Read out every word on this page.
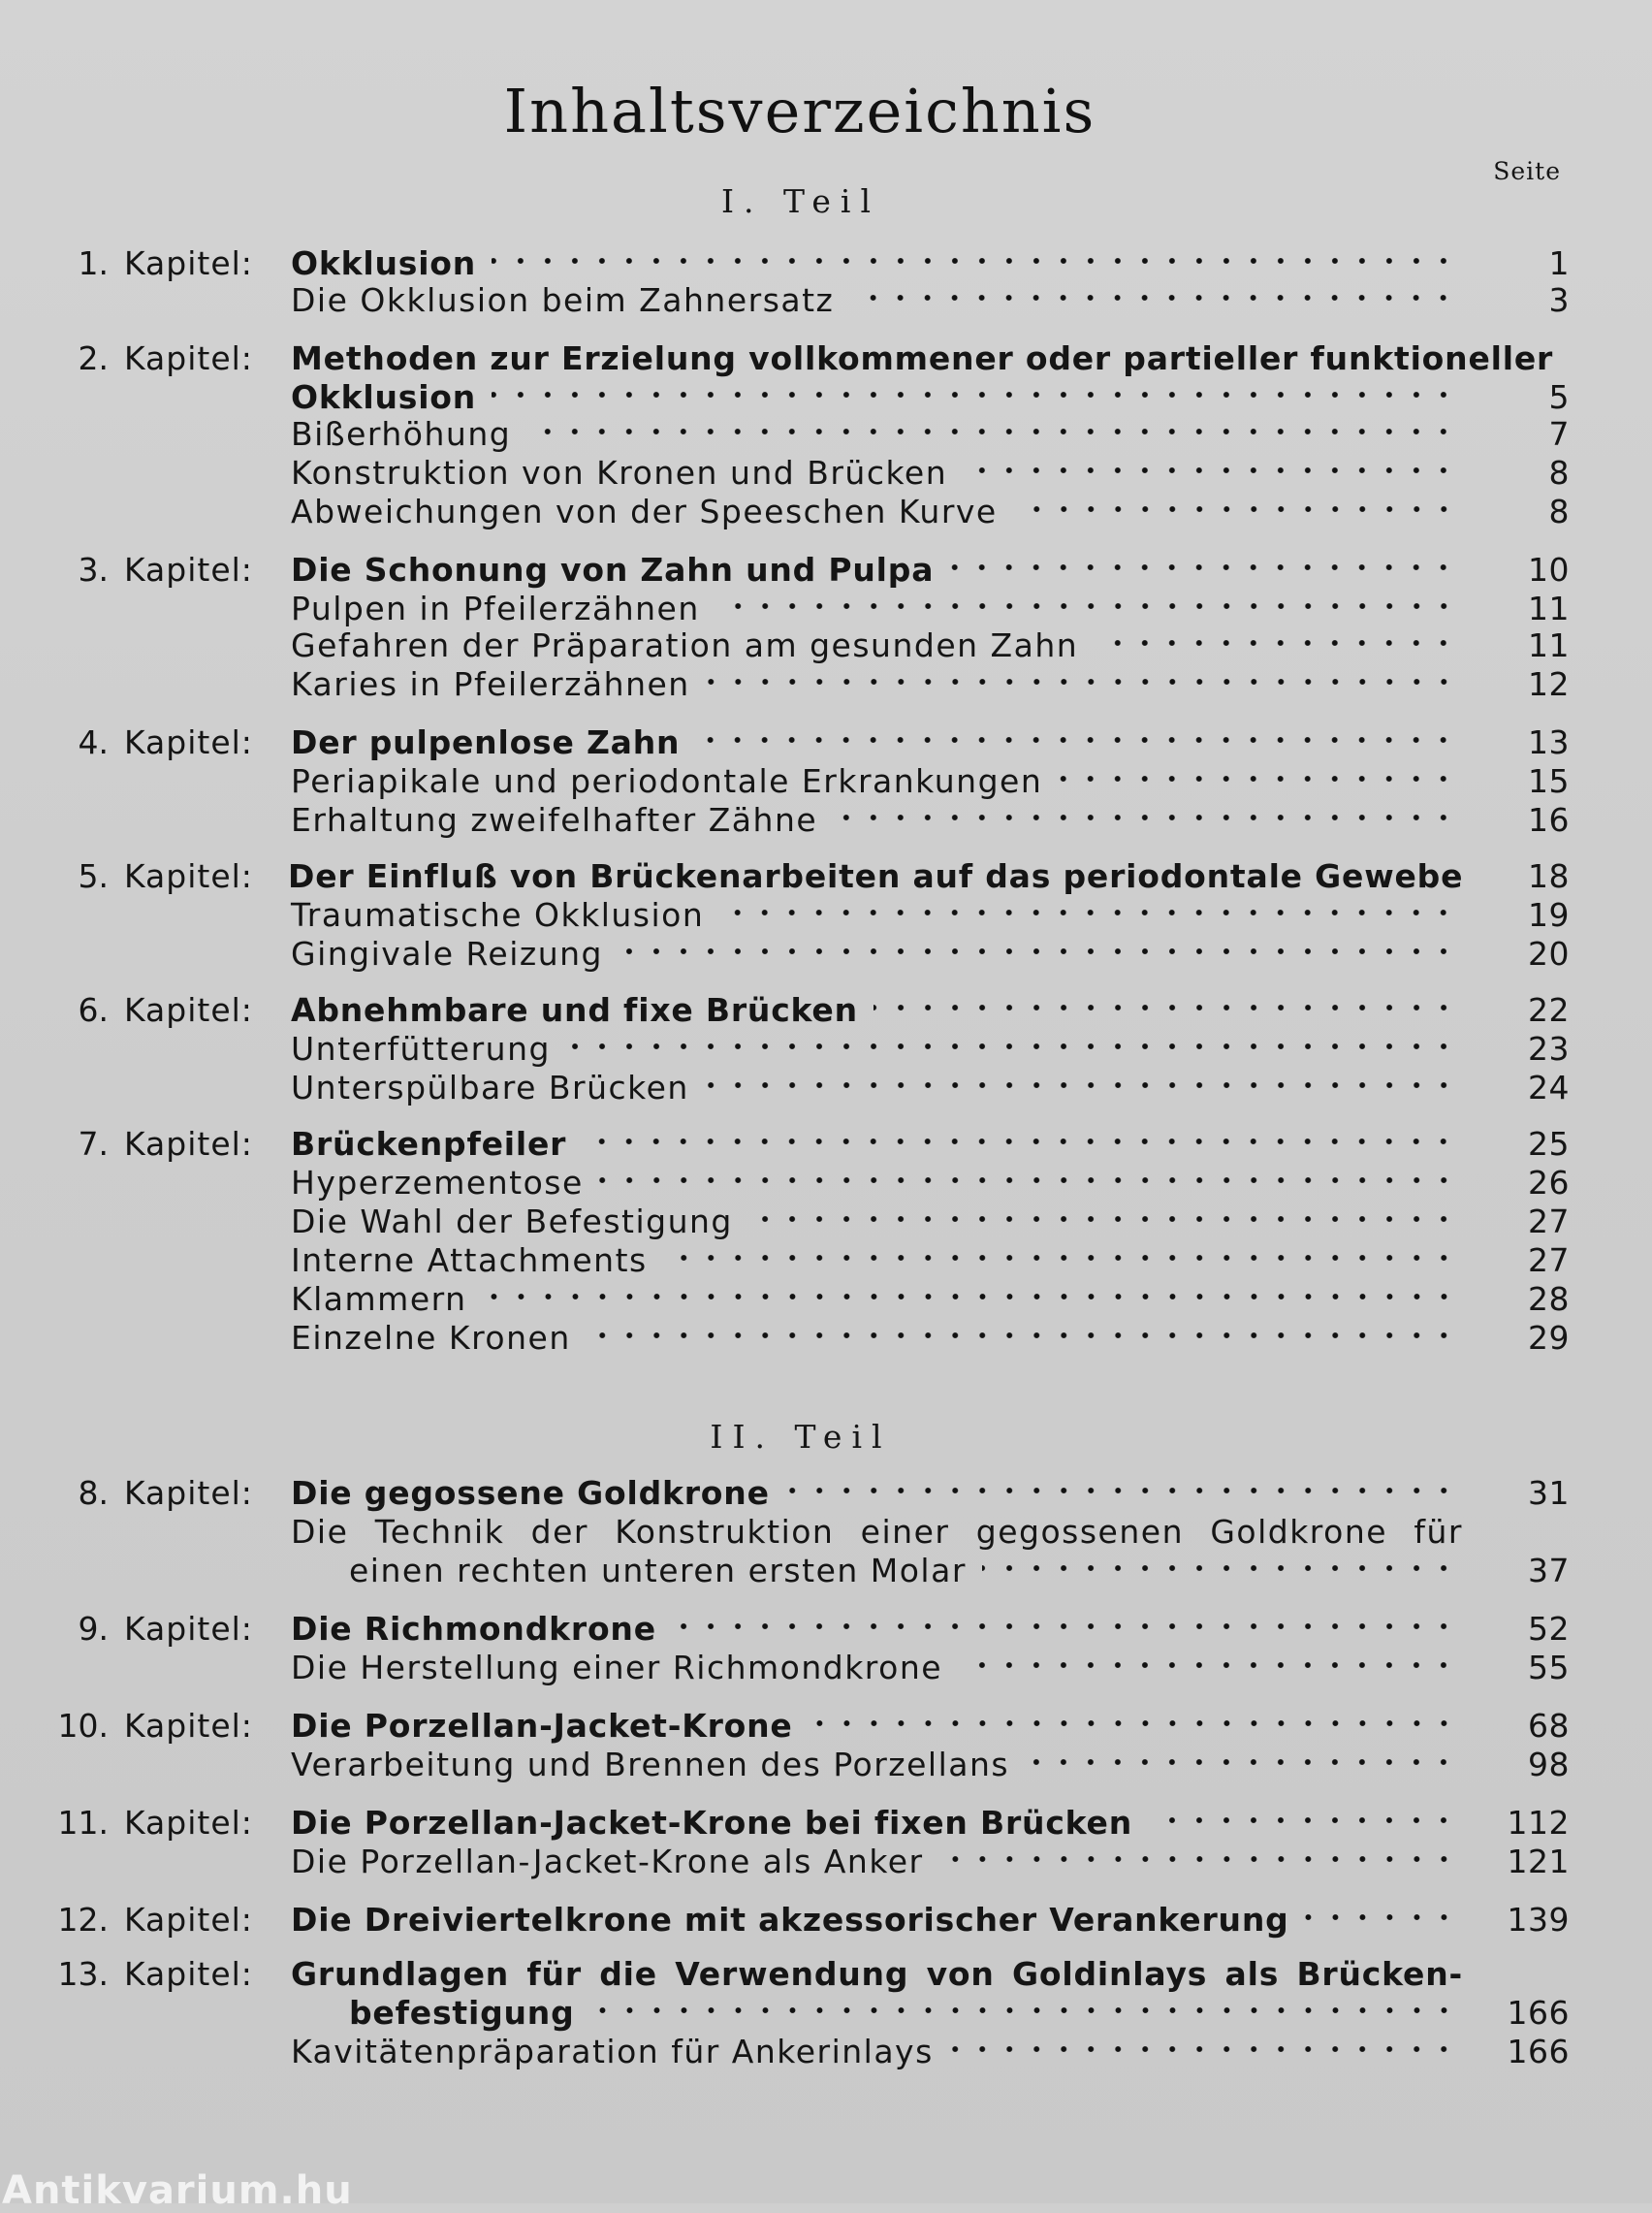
Inhaltsverzeichnis
Seite
I. Teil
II. Teil
1. Kapitel: Okklusion	1
Die Okklusion beim Zahnersatz	3
2. Kapitel: Methoden zur Erzielung vollkommener oder partieller funktioneller
Okklusion	5
Bißerhöhung	7
Konstruktion von Kronen und Brücken	8
Abweichungen von der Speeschen Kurve	8
3. Kapitel: Die Schonung von Zahn und Pulpa	10
Pulpen in Pfeilerzähnen	11
Gefahren der Präparation am gesunden Zahn	11
Karies in Pfeilerzähnen	12
4. Kapitel: Der pulpenlose Zahn	13
Periapikale und periodontale Erkrankungen	15
Erhaltung zweifelhafter Zähne	16
5. Kapitel: Der Einfluß von Brückenarbeiten auf das periodontale Gewebe	18
Traumatische Okklusion	19
Gingivale Reizung	20
6. Kapitel: Abnehmbare und fixe Brücken	22
Unterfütterung	23
Unterspülbare Brücken	24
7. Kapitel: Brückenpfeiler	25
Hyperzementose	26
Die Wahl der Befestigung	27
Interne Attachments	27
Klammern	28
Einzelne Kronen	29
8. Kapitel: Die gegossene Goldkrone	31
Die Technik der Konstruktion einer gegossenen Goldkrone für
einen rechten unteren ersten Molar	37
9. Kapitel: Die Richmondkrone	52
Die Herstellung einer Richmondkrone	55
10. Kapitel: Die Porzellan-Jacket-Krone	68
Verarbeitung und Brennen des Porzellans	98
11. Kapitel: Die Porzellan-Jacket-Krone bei fixen Brücken	112
Die Porzellan-Jacket-Krone als Anker	121
12. Kapitel: Die Dreiviertelkrone mit akzessorischer Verankerung	139
13. Kapitel: Grundlagen für die Verwendung von Goldinlays als Brücken-
befestigung	166
Kavitätenpräparation für Ankerinlays	166
Antikvarium.hu
